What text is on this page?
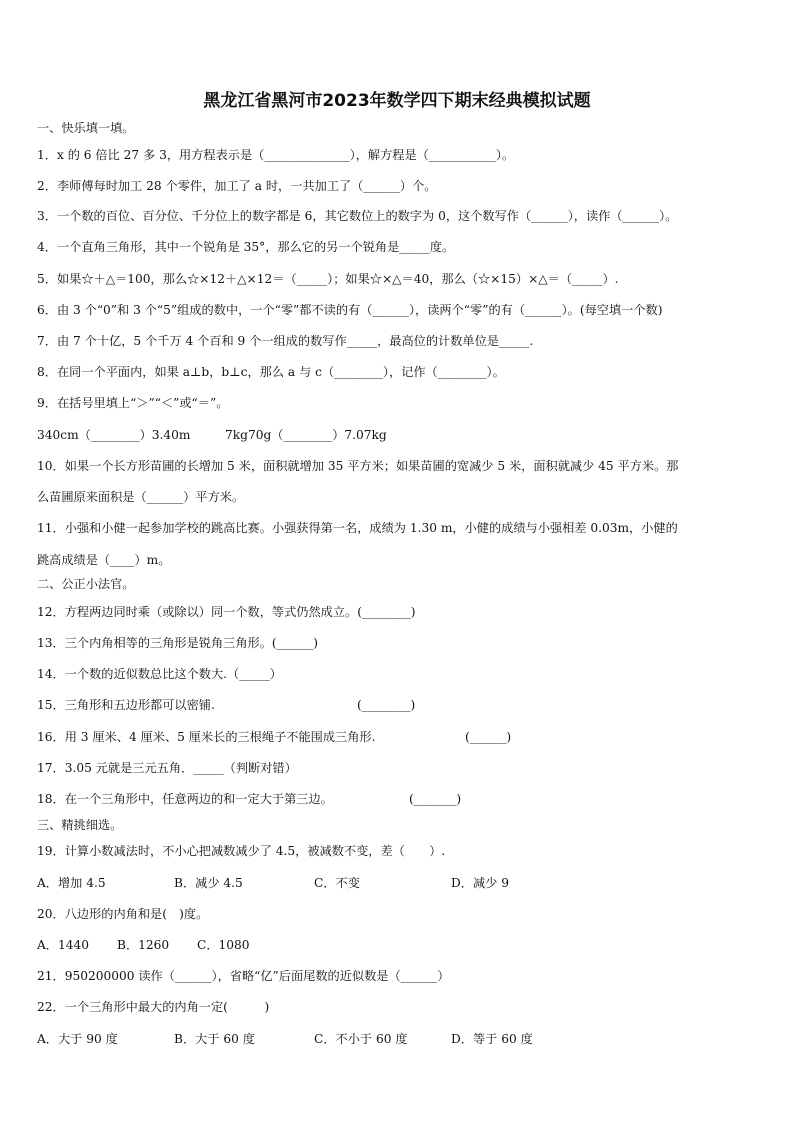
黑龙江省黑河市2023年数学四下期末经典模拟试题
一、快乐填一填。
1．x 的 6 倍比 27 多 3，用方程表示是（______________），解方程是（___________）。
2．李师傅每时加工 28 个零件，加工了 a 时，一共加工了（______）个。
3．一个数的百位、百分位、千分位上的数字都是 6，其它数位上的数字为 0，这个数写作（______），读作（______）。
4．一个直角三角形，其中一个锐角是 35°，那么它的另一个锐角是_____度。
5．如果☆＋△＝100，那么☆×12＋△×12＝（_____）；如果☆×△＝40，那么（☆×15）×△＝（_____）.
6．由 3 个“0”和 3 个“5”组成的数中，一个“零”都不读的有（______），读两个“零”的有（______）。(每空填一个数)
7．由 7 个十亿，5 个千万 4 个百和 9 个一组成的数写作_____，最高位的计数单位是_____.
8．在同一个平面内，如果 a⊥b，b⊥c，那么 a 与 c（________），记作（________）。
9．在括号里填上“＞”“＜”或“＝”。
340cm（________）3.40m	7kg70g（________）7.07kg
10．如果一个长方形苗圃的长增加 5 米，面积就增加 35 平方米；如果苗圃的宽减少 5 米，面积就减少 45 平方米。那
么苗圃原来面积是（______）平方米。
11．小强和小健一起参加学校的跳高比赛。小强获得第一名，成绩为 1.30 m，小健的成绩与小强相差 0.03m，小健的
跳高成绩是（____）m。
二、公正小法官。
12．方程两边同时乘（或除以）同一个数，等式仍然成立。(________)
13．三个内角相等的三角形是锐角三角形。(______)
14．一个数的近似数总比这个数大.（_____）
15．三角形和五边形都可以密铺.	(________)
16．用 3 厘米、4 厘米、5 厘米长的三根绳子不能围成三角形.	(______)
17．3.05 元就是三元五角．_____（判断对错）
18．在一个三角形中，任意两边的和一定大于第三边。	(_______)
三、精挑细选。
19．计算小数减法时，不小心把减数减少了 4.5，被减数不变，差（　　）.
A．增加 4.5	B．减少 4.5	C．不变	D．减少 9
20．八边形的内角和是(　)度。
A．1440 B．1260 C．1080
21．950200000 读作（______），省略“亿”后面尾数的近似数是（______）
22．一个三角形中最大的内角一定(　　　)
A．大于 90 度	B．大于 60 度	C．不小于 60 度	D．等于 60 度
